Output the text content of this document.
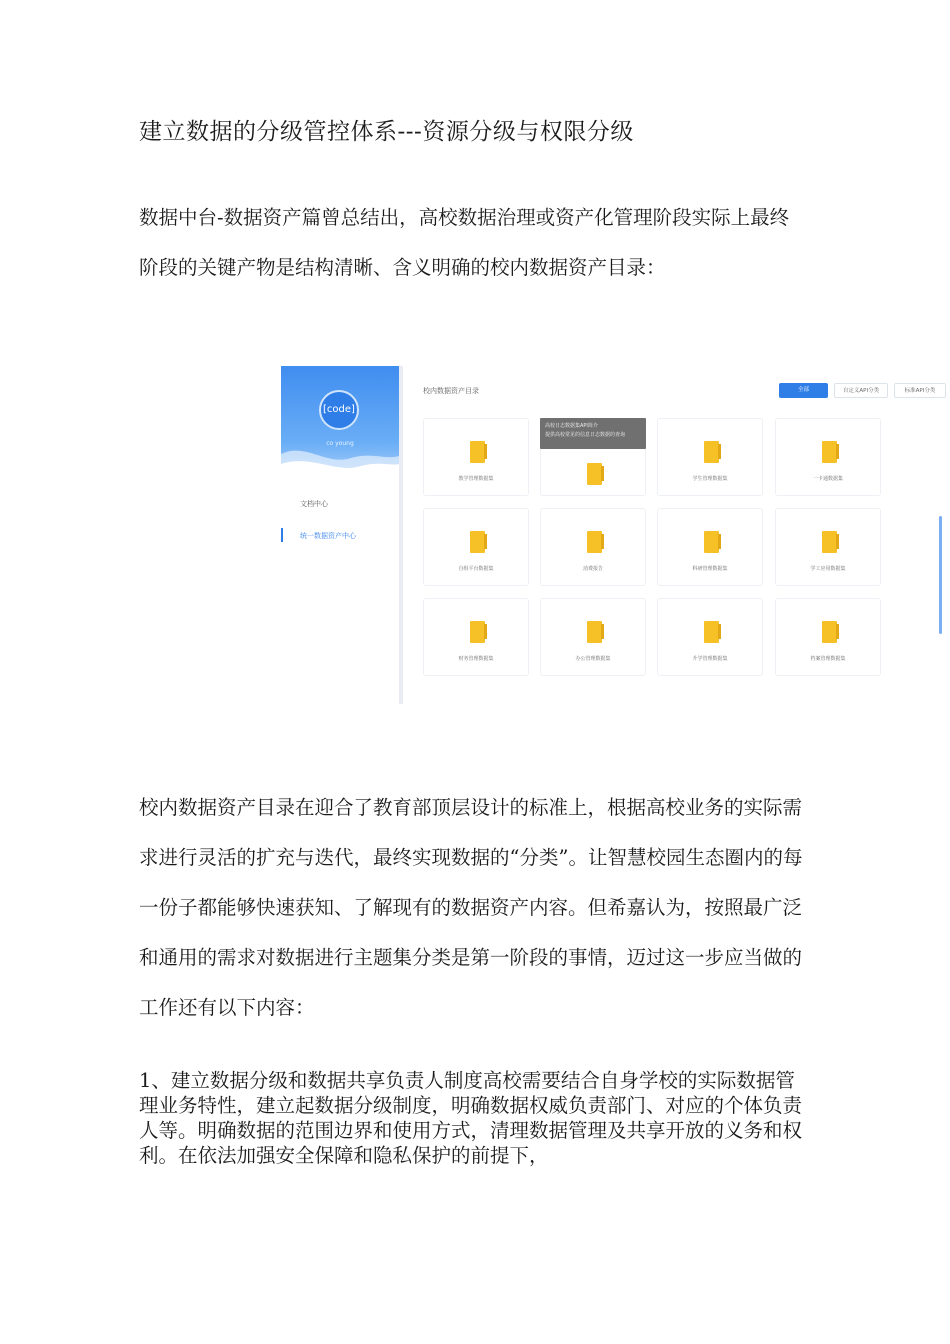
建立数据的分级管控体系---资源分级与权限分级
数据中台-数据资产篇曾总结出，高校数据治理或资产化管理阶段实际上最终阶段的关键产物是结构清晰、含义明确的校内数据资产目录：
[code]
co young
文档中心
统一数据资产中心
校内数据资产目录	全部	自定义API分类	标准API分类
教学管理数据集	学生管理数据集	一卡通数据集
自组平台数据集	消费报告	科研管理数据集	学工应用数据集
财务管理数据集	办公管理数据集	升学管理数据集	档案管理数据集
高校日志数据集API简介
提供高校常见的信息日志数据的查询
校内数据资产目录在迎合了教育部顶层设计的标准上，根据高校业务的实际需求进行灵活的扩充与迭代，最终实现数据的“分类”。让智慧校园生态圈内的每一份子都能够快速获知、了解现有的数据资产内容。但希嘉认为，按照最广泛和通用的需求对数据进行主题集分类是第一阶段的事情，迈过这一步应当做的工作还有以下内容：
1、建立数据分级和数据共享负责人制度高校需要结合自身学校的实际数据管理业务特性，建立起数据分级制度，明确数据权威负责部门、对应的个体负责人等。明确数据的范围边界和使用方式，清理数据管理及共享开放的义务和权利。在依法加强安全保障和隐私保护的前提下，
